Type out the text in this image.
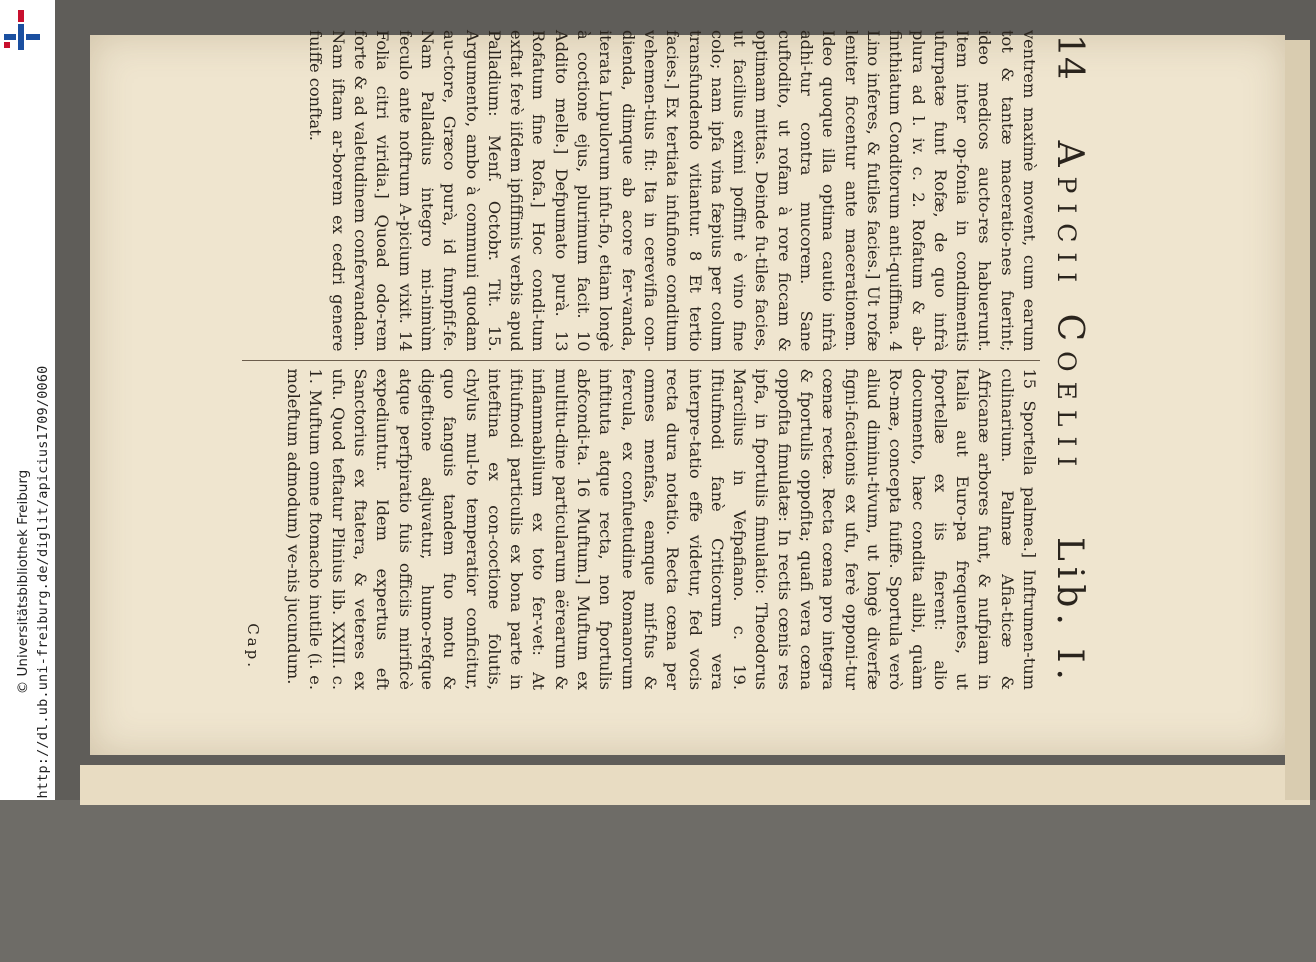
http://dl.ub.uni-freiburg.de/diglit/apicius1709/0060
© Universitätsbibliothek Freiburg
14
Apicii Coelii
Lib. I.

ventrem maximè movent, cum earum tot & tantæ maceratio-nes fuerint; ideo medicos aucto-res habuerunt. Item inter op-fonia in condimentis ufurpatæ funt Rofæ, de quo infrà plura ad l. iv. c. 2. Rofatum & ab-finthiatum Conditorum anti-quiffima. 4 Lino inferes, & futiles facies.] Ut rofæ leniter ficcentur ante macerationem. Ideo quoque illa optima cautio infrà adhi-tur contra mucorem. Sane cuftodito, ut rofam à rore ficcam & optimam mittas. Deinde fu-tiles facies, ut facilius eximi poffint è vino fine colo; nam ipfa vina fæpius per colum transfundendo vitiantur. 8 Et tertio facies.] Ex tertiata infufione conditum vehemen-tius fit: Ita in cerevifia con-dienda, dimque ab acore fer-vanda, iterata Lupulorum infu-fio, etiam longè à coctione ejus, plurimum facit. 10 Addito melle.] Defpumato purà. 13 Rofatum fine Rofa.] Hoc condi-tum exftat ferè iifdem ipfiffimis verbis apud Palladium: Menf. Octobr. Tit. 15. Argumento, ambo à communi quodam au-ctore, Græco purà, id fumpfif-fe. Nam Palladius integro mi-nimùm feculo ante noftrum A-picium vixit. 14 Folia citri viridia.] Quoad odo-rem forte & ad valetudinem confervandam. Nam iftam ar-borem ex cedri genere fuiffe conftat.

15 Sportella palmea.] Inftrumen-tum culinarium. Palmæ Afia-ticæ & Africanæ arbores funt, & nufpiam in Italia aut Euro-pa frequentes, ut fportellæ ex iis fierent: alio documento, hæc condita alibi, quàm Ro-mæ, concepta fuiffe. Sportula verò aliud diminu-tivum, ut longè diverfæ figni-ficationis ex ufu, ferè opponi-tur cœnæ rectæ. Recta cœna pro integra & fportulis oppofita; quafi vera cœna oppofita fimulatæ: In rectis cœnis res ipfa, in fportulis fimulatio: Theodorus Marcilius in Vefpafiano. c. 19. Iftiufmodi fanè Criticorum vera interpre-tatio effe videtur, fed vocis recta dura notatio. Recta cœna per omnes menfas, eamque mif-fus & fercula, ex confuetudine Romanorum inftituta atque recta, non fportulis abfcondi-ta. 16 Muftum.] Muftum ex multitu-dine particularum aërearum & inflammabilium ex toto fer-vet: At iftiufmodi particulis ex bona parte in inteftina ex con-coctione folutis, chylus mul-to temperatior conficitur, quo fanguis tandem fuo motu & digeftione adjuvatur, humo-refque atque perfpiratio fuis officiis mirificè expediuntur. Idem expertus eft Sanctorius ex ftatera, & veteres ex ufu. Quod teftatur Plinius lib. XXIII. c. 1. Muftum omne ftomacho inutile (i. e. moleftum admodum) ve-nis jucundum.

Cap.
